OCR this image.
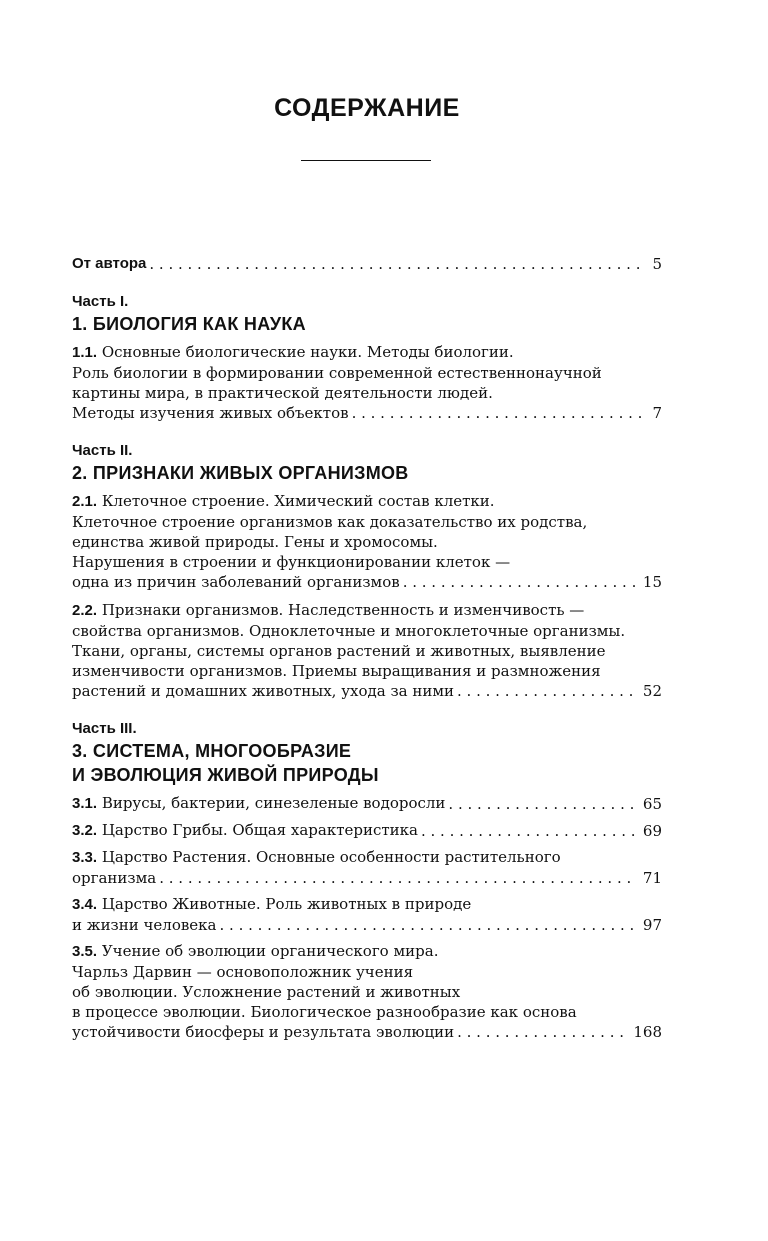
СОДЕРЖАНИЕ
От автора . . .	5
Часть I.
1. БИОЛОГИЯ КАК НАУКА
1.1. Основные биологические науки. Методы биологии.
Роль биологии в формировании современной естественнонаучной
картины мира, в практической деятельности людей.
Методы изучения живых объектов . . .	7
Часть II.
2. ПРИЗНАКИ ЖИВЫХ ОРГАНИЗМОВ
2.1. Клеточное строение. Химический состав клетки.
Клеточное строение организмов как доказательство их родства,
единства живой природы. Гены и хромосомы.
Нарушения в строении и функционировании клеток —
одна из причин заболеваний организмов . . .	15
2.2. Признаки организмов. Наследственность и изменчивость —
свойства организмов. Одноклеточные и многоклеточные организмы.
Ткани, органы, системы органов растений и животных, выявление
изменчивости организмов. Приемы выращивания и размножения
растений и домашних животных, ухода за ними . . .	52
Часть III.
3. СИСТЕМА, МНОГООБРАЗИЕ
И ЭВОЛЮЦИЯ ЖИВОЙ ПРИРОДЫ
3.1. Вирусы, бактерии, синезеленые водоросли . . .	65
3.2. Царство Грибы. Общая характеристика . . .	69
3.3. Царство Растения. Основные особенности растительного
организма . . .	71
3.4. Царство Животные. Роль животных в природе
и жизни человека . . .	97
3.5. Учение об эволюции органического мира.
Чарльз Дарвин — основоположник учения
об эволюции. Усложнение растений и животных
в процессе эволюции. Биологическое разнообразие как основа
устойчивости биосферы и результата эволюции . . .	168
